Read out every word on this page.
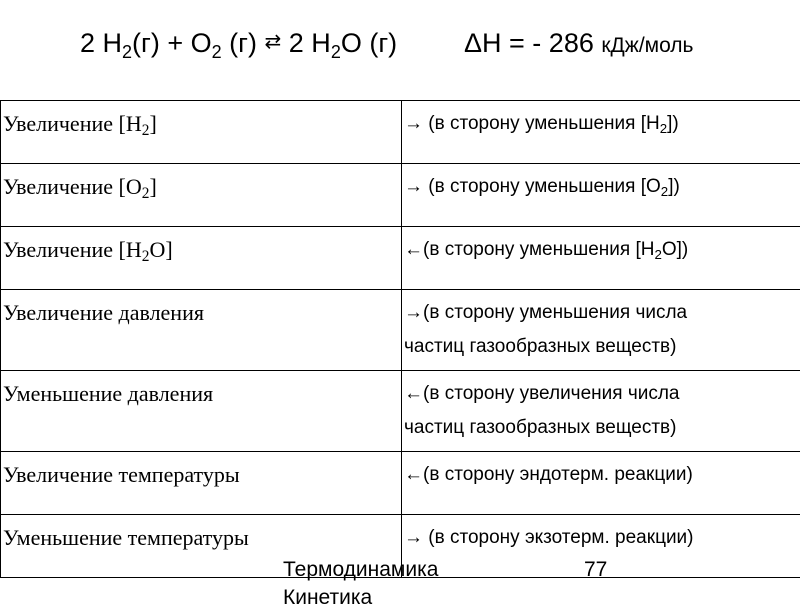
2 $H_2(г) + O_2$ (г) ⇄ 2 $H_2O$ (г) ΔH = - 286 кДж/моль
Увеличение $[H_2]$	→ (в сторону уменьшения $[H_2]$)
Увеличение $[O_2]$	→ (в сторону уменьшения $[O_2]$)
Увеличение $[H_2O]$	←(в сторону уменьшения $[H_2O]$)
Увеличение давления	→(в сторону уменьшения числа
частиц газообразных веществ)

Уменьшение давления	←(в сторону увеличения числа
частиц газообразных веществ)

Увеличение температуры	←(в сторону эндотерм. реакции)
Уменьшение температуры	→ (в сторону экзотерм. реакции)
Термодинамика
Кинетика
77
